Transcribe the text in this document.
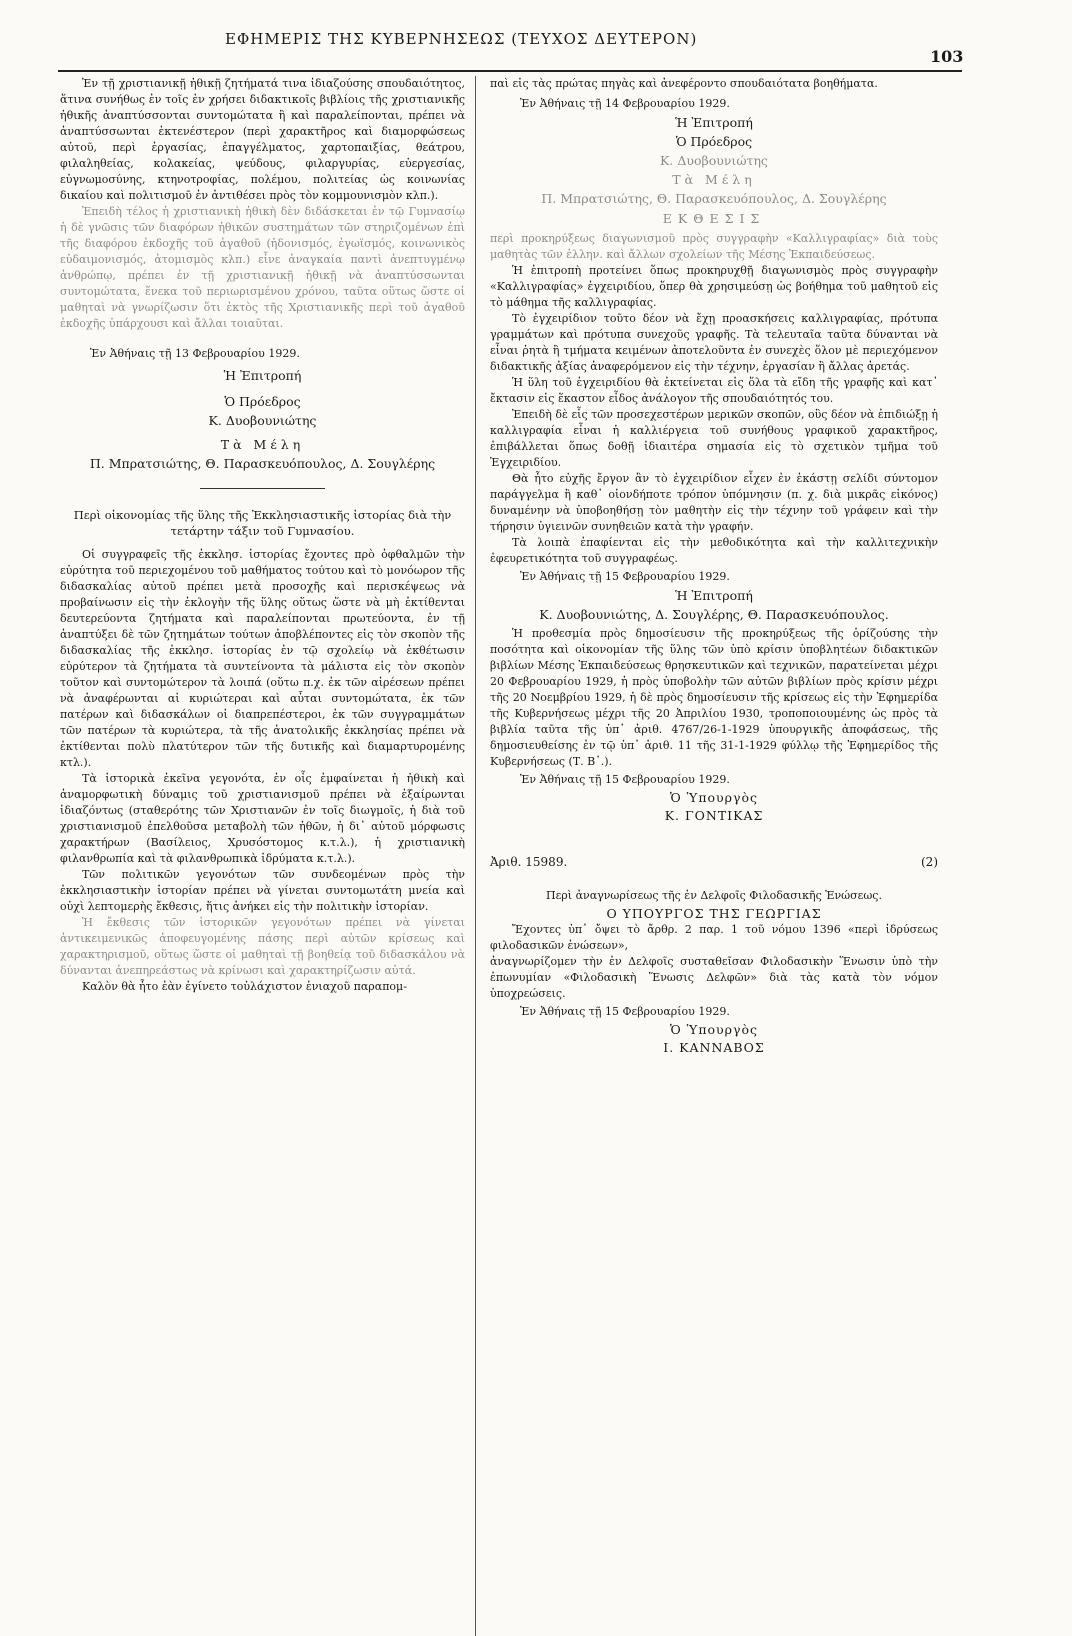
ΕΦΗΜΕΡΙΣ ΤΗΣ ΚΥΒΕΡΝΗΣΕΩΣ (ΤΕΥΧΟΣ ΔΕΥΤΕΡΟΝ)
103

Ἐν τῇ χριστιανικῇ ἠθικῇ ζητήματά τινα ἰδιαζούσης σπουδαιότητος, ἅτινα συνήθως ἐν τοῖς ἐν χρήσει διδακτικοῖς βιβλίοις τῆς χριστιανικῆς ἠθικῆς ἀναπτύσσονται συντομώτατα ἢ καὶ παραλείπονται, πρέπει νὰ ἀναπτύσσωνται ἐκτενέστερον (περὶ χαρακτῆρος καὶ διαμορφώσεως αὐτοῦ, περὶ ἐργασίας, ἐπαγγέλματος, χαρτοπαιξίας, θεάτρου, φιλαληθείας, κολακείας, ψεύδους, φιλαργυρίας, εὐεργεσίας, εὐγνωμοσύνης, κτηνοτροφίας, πολέμου, πολιτείας ὡς κοινωνίας δικαίου καὶ πολιτισμοῦ ἐν ἀντιθέσει πρὸς τὸν κομμουνισμὸν κλπ.).

Ἐπειδὴ τέλος ἡ χριστιανικὴ ἠθικὴ δὲν διδάσκεται ἐν τῷ Γυμνασίῳ ἡ δὲ γνῶσις τῶν διαφόρων ἠθικῶν συστημάτων τῶν στηριζομένων ἐπὶ τῆς διαφόρου ἐκδοχῆς τοῦ ἀγαθοῦ (ἡδονισμός, ἐγωϊσμός, κοινωνικὸς εὐδαιμονισμός, ἀτομισμὸς κλπ.) εἶνε ἀναγκαία παντὶ ἀνεπτυγμένῳ ἀνθρώπῳ, πρέπει ἐν τῇ χριστιανικῇ ἠθικῇ νὰ ἀναπτύσσωνται συντομώτατα, ἕνεκα τοῦ περιωρισμένου χρόνου, ταῦτα οὕτως ὥστε οἱ μαθηταὶ νὰ γνωρίζωσιν ὅτι ἐκτὸς τῆς Χριστιανικῆς περὶ τοῦ ἀγαθοῦ ἐκδοχῆς ὑπάρχουσι καὶ ἄλλαι τοιαῦται.

Ἐν Ἀθήναις τῇ 13 Φεβρουαρίου 1929.
Ἡ Ἐπιτροπή
Ὁ Πρόεδρος
Κ. Δυοβουνιώτης
Τὰ Μέλη
Π. Μπρατσιώτης, Θ. Παρασκευόπουλος, Δ. Σουγλέρης
Περὶ οἰκονομίας τῆς ὕλης τῆς Ἐκκλησιαστικῆς ἱστορίας διὰ τὴν τετάρτην τάξιν τοῦ Γυμνασίου.

Οἱ συγγραφεῖς τῆς ἐκκλησ. ἱστορίας ἔχοντες πρὸ ὀφθαλμῶν τὴν εὐρύτητα τοῦ περιεχομένου τοῦ μαθήματος τούτου καὶ τὸ μονόωρον τῆς διδασκαλίας αὐτοῦ πρέπει μετὰ προσοχῆς καὶ περισκέψεως νὰ προβαίνωσιν εἰς τὴν ἐκλογὴν τῆς ὕλης οὕτως ὥστε νὰ μὴ ἐκτίθενται δευτερεύοντα ζητήματα καὶ παραλείπονται πρωτεύοντα, ἐν τῇ ἀναπτύξει δὲ τῶν ζητημάτων τούτων ἀποβλέποντες εἰς τὸν σκοπὸν τῆς διδασκαλίας τῆς ἐκκλησ. ἱστορίας ἐν τῷ σχολείῳ νὰ ἐκθέτωσιν εὐρύτερον τὰ ζητήματα τὰ συντείνοντα τὰ μάλιστα εἰς τὸν σκοπὸν τοῦτον καὶ συντομώτερον τὰ λοιπά (οὕτω π.χ. ἐκ τῶν αἱρέσεων πρέπει νὰ ἀναφέρωνται αἱ κυριώτεραι καὶ αὗται συντομώτατα, ἐκ τῶν πατέρων καὶ διδασκάλων οἱ διαπρεπέστεροι, ἐκ τῶν συγγραμμάτων τῶν πατέρων τὰ κυριώτερα, τὰ τῆς ἀνατολικῆς ἐκκλησίας πρέπει νὰ ἐκτίθενται πολὺ πλατύτερον τῶν τῆς δυτικῆς καὶ διαμαρτυρομένης κτλ.).

Τὰ ἱστορικὰ ἐκεῖνα γεγονότα, ἐν οἷς ἐμφαίνεται ἡ ἠθικὴ καὶ ἀναμορφωτικὴ δύναμις τοῦ χριστιανισμοῦ πρέπει νὰ ἐξαίρωνται ἰδιαζόντως (σταθερότης τῶν Χριστιανῶν ἐν τοῖς διωγμοῖς, ἡ διὰ τοῦ χριστιανισμοῦ ἐπελθοῦσα μεταβολὴ τῶν ἠθῶν, ἡ δι᾽ αὐτοῦ μόρφωσις χαρακτήρων (Βασίλειος, Χρυσόστομος κ.τ.λ.), ἡ χριστιανικὴ φιλανθρωπία καὶ τὰ φιλανθρωπικὰ ἱδρύματα κ.τ.λ.).

Τῶν πολιτικῶν γεγονότων τῶν συνδεομένων πρὸς τὴν ἐκκλησιαστικὴν ἱστορίαν πρέπει νὰ γίνεται συντομωτάτη μνεία καὶ οὐχὶ λεπτομερὴς ἔκθεσις, ἥτις ἀνήκει εἰς τὴν πολιτικὴν ἱστορίαν.

Ἡ ἔκθεσις τῶν ἱστορικῶν γεγονότων πρέπει νὰ γίνεται ἀντικειμενικῶς ἀποφευγομένης πάσης περὶ αὐτῶν κρίσεως καὶ χαρακτηρισμοῦ, οὕτως ὥστε οἱ μαθηταὶ τῇ βοηθείᾳ τοῦ διδασκάλου νὰ δύνανται ἀνεπηρεάστως νὰ κρίνωσι καὶ χαρακτηρίζωσιν αὐτά.

Καλὸν θὰ ἦτο ἐὰν ἐγίνετο τοὐλάχιστον ἑνιαχοῦ παραπομ-

παὶ εἰς τὰς πρώτας πηγὰς καὶ ἀνεφέροντο σπουδαιότατα βοηθήματα.

Ἐν Ἀθήναις τῇ 14 Φεβρουαρίου 1929.
Ἡ Ἐπιτροπή
Ὁ Πρόεδρος
Κ. Δυοβουνιώτης
Τὰ Μέλη
Π. Μπρατσιώτης, Θ. Παρασκευόπουλος, Δ. Σουγλέρης
ΕΚΘΕΣΙΣ

περὶ προκηρύξεως διαγωνισμοῦ πρὸς συγγραφὴν «Καλλιγραφίας» διὰ τοὺς μαθητὰς τῶν ἑλλην. καὶ ἄλλων σχολείων τῆς Μέσης Ἐκπαιδεύσεως.

Ἡ ἐπιτροπὴ προτείνει ὅπως προκηρυχθῇ διαγωνισμὸς πρὸς συγγραφὴν «Καλλιγραφίας» ἐγχειριδίου, ὅπερ θὰ χρησιμεύσῃ ὡς βοήθημα τοῦ μαθητοῦ εἰς τὸ μάθημα τῆς καλλιγραφίας.

Τὸ ἐγχειρίδιον τοῦτο δέον νὰ ἔχῃ προασκήσεις καλλιγραφίας, πρότυπα γραμμάτων καὶ πρότυπα συνεχοῦς γραφῆς. Τὰ τελευταῖα ταῦτα δύνανται νὰ εἶναι ῥητὰ ἢ τμήματα κειμένων ἀποτελοῦντα ἐν συνεχὲς ὅλον μὲ περιεχόμενον διδακτικῆς ἀξίας ἀναφερόμενον εἰς τὴν τέχνην, ἐργασίαν ἢ ἄλλας ἀρετάς.

Ἡ ὕλη τοῦ ἐγχειριδίου θὰ ἐκτείνεται εἰς ὅλα τὰ εἴδη τῆς γραφῆς καὶ κατ᾽ ἔκτασιν εἰς ἕκαστον εἶδος ἀνάλογον τῆς σπουδαιότητός του.

Ἐπειδὴ δὲ εἷς τῶν προσεχεστέρων μερικῶν σκοπῶν, οὓς δέον νὰ ἐπιδιώξῃ ἡ καλλιγραφία εἶναι ἡ καλλιέργεια τοῦ συνήθους γραφικοῦ χαρακτῆρος, ἐπιβάλλεται ὅπως δοθῇ ἰδιαιτέρα σημασία εἰς τὸ σχετικὸν τμῆμα τοῦ Ἐγχειριδίου.

Θὰ ἦτο εὐχῆς ἔργον ἂν τὸ ἐγχειρίδιον εἶχεν ἐν ἑκάστῃ σελίδι σύντομον παράγγελμα ἢ καθ᾽ οἱονδήποτε τρόπον ὑπόμνησιν (π. χ. διὰ μικρᾶς εἰκόνος) δυναμένην νὰ ὑποβοηθήσῃ τὸν μαθητὴν εἰς τὴν τέχνην τοῦ γράφειν καὶ τὴν τήρησιν ὑγιεινῶν συνηθειῶν κατὰ τὴν γραφήν.

Τὰ λοιπὰ ἐπαφίενται εἰς τὴν μεθοδικότητα καὶ τὴν καλλιτεχνικὴν ἐφευρετικότητα τοῦ συγγραφέως.

Ἐν Ἀθήναις τῇ 15 Φεβρουαρίου 1929.
Ἡ Ἐπιτροπή
Κ. Δυοβουνιώτης, Δ. Σουγλέρης, Θ. Παρασκευόπουλος.

Ἡ προθεσμία πρὸς δημοσίευσιν τῆς προκηρύξεως τῆς ὁρίζούσης τὴν ποσότητα καὶ οἰκονομίαν τῆς ὕλης τῶν ὑπὸ κρίσιν ὑποβλητέων διδακτικῶν βιβλίων Μέσης Ἐκπαιδεύσεως θρησκευτικῶν καὶ τεχνικῶν, παρατείνεται μέχρι 20 Φεβρουαρίου 1929, ἡ πρὸς ὑποβολὴν τῶν αὐτῶν βιβλίων πρὸς κρίσιν μέχρι τῆς 20 Νοεμβρίου 1929, ἡ δὲ πρὸς δημοσίευσιν τῆς κρίσεως εἰς τὴν Ἐφημερίδα τῆς Κυβερνήσεως μέχρι τῆς 20 Ἀπριλίου 1930, τροποποιουμένης ὡς πρὸς τὰ βιβλία ταῦτα τῆς ὑπ᾽ ἀριθ. 4767/26-1-1929 ὑπουργικῆς ἀποφάσεως, τῆς δημοσιευθείσης ἐν τῷ ὑπ᾽ ἀριθ. 11 τῆς 31-1-1929 φύλλῳ τῆς Ἐφημερίδος τῆς Κυβερνήσεως (Τ. Β᾽.).

Ἐν Ἀθήναις τῇ 15 Φεβρουαρίου 1929.
Ὁ Ὑπουργὸς
Κ. ΓΟΝΤΙΚΑΣ
Ἀριθ. 15989.	(2)

Περὶ ἀναγνωρίσεως τῆς ἐν Δελφοῖς Φιλοδασικῆς Ἑνώσεως.

Ο ΥΠΟΥΡΓΟΣ ΤΗΣ ΓΕΩΡΓΙΑΣ

Ἔχοντες ὑπ᾽ ὄψει τὸ ἄρθρ. 2 παρ. 1 τοῦ νόμου 1396 «περὶ ἰδρύσεως φιλοδασικῶν ἑνώσεων»,

ἀναγνωρίζομεν τὴν ἐν Δελφοῖς συσταθεῖσαν Φιλοδασικὴν Ἕνωσιν ὑπὸ τὴν ἐπωνυμίαν «Φιλοδασικὴ Ἕνωσις Δελφῶν» διὰ τὰς κατὰ τὸν νόμον ὑποχρεώσεις.

Ἐν Ἀθήναις τῇ 15 Φεβρουαρίου 1929.
Ὁ Ὑπουργὸς
Ι. ΚΑΝΝΑΒΟΣ
